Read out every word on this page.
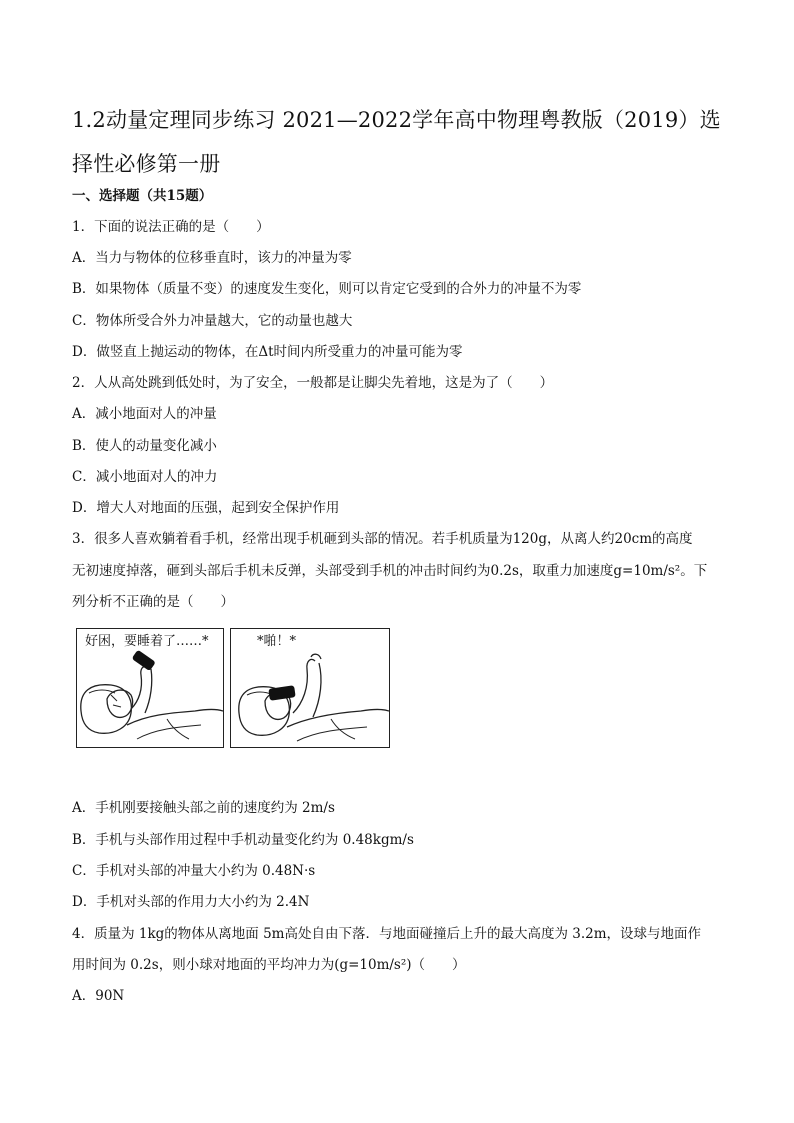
1.2动量定理同步练习 2021—2022学年高中物理粤教版（2019）选择性必修第一册
一、选择题（共15题）
1．下面的说法正确的是（　　）
A．当力与物体的位移垂直时，该力的冲量为零
B．如果物体（质量不变）的速度发生变化，则可以肯定它受到的合外力的冲量不为零
C．物体所受合外力冲量越大，它的动量也越大
D．做竖直上抛运动的物体，在Δt时间内所受重力的冲量可能为零
2．人从高处跳到低处时，为了安全，一般都是让脚尖先着地，这是为了（　　）
A．减小地面对人的冲量
B．使人的动量变化减小
C．减小地面对人的冲力
D．增大人对地面的压强，起到安全保护作用
3．很多人喜欢躺着看手机，经常出现手机砸到头部的情况。若手机质量为120g，从离人约20cm的高度
无初速度掉落，砸到头部后手机未反弹，头部受到手机的冲击时间约为0.2s，取重力加速度g=10m/s²。下
列分析不正确的是（　　）
好困，要睡着了……*	*啪！*
A．手机刚要接触头部之前的速度约为 2m/s
B．手机与头部作用过程中手机动量变化约为 0.48kgm/s
C．手机对头部的冲量大小约为 0.48N·s
D．手机对头部的作用力大小约为 2.4N
4．质量为 1kg的物体从离地面 5m高处自由下落．与地面碰撞后上升的最大高度为 3.2m，设球与地面作
用时间为 0.2s，则小球对地面的平均冲力为(g=10m/s²)（　　）
A．90N
